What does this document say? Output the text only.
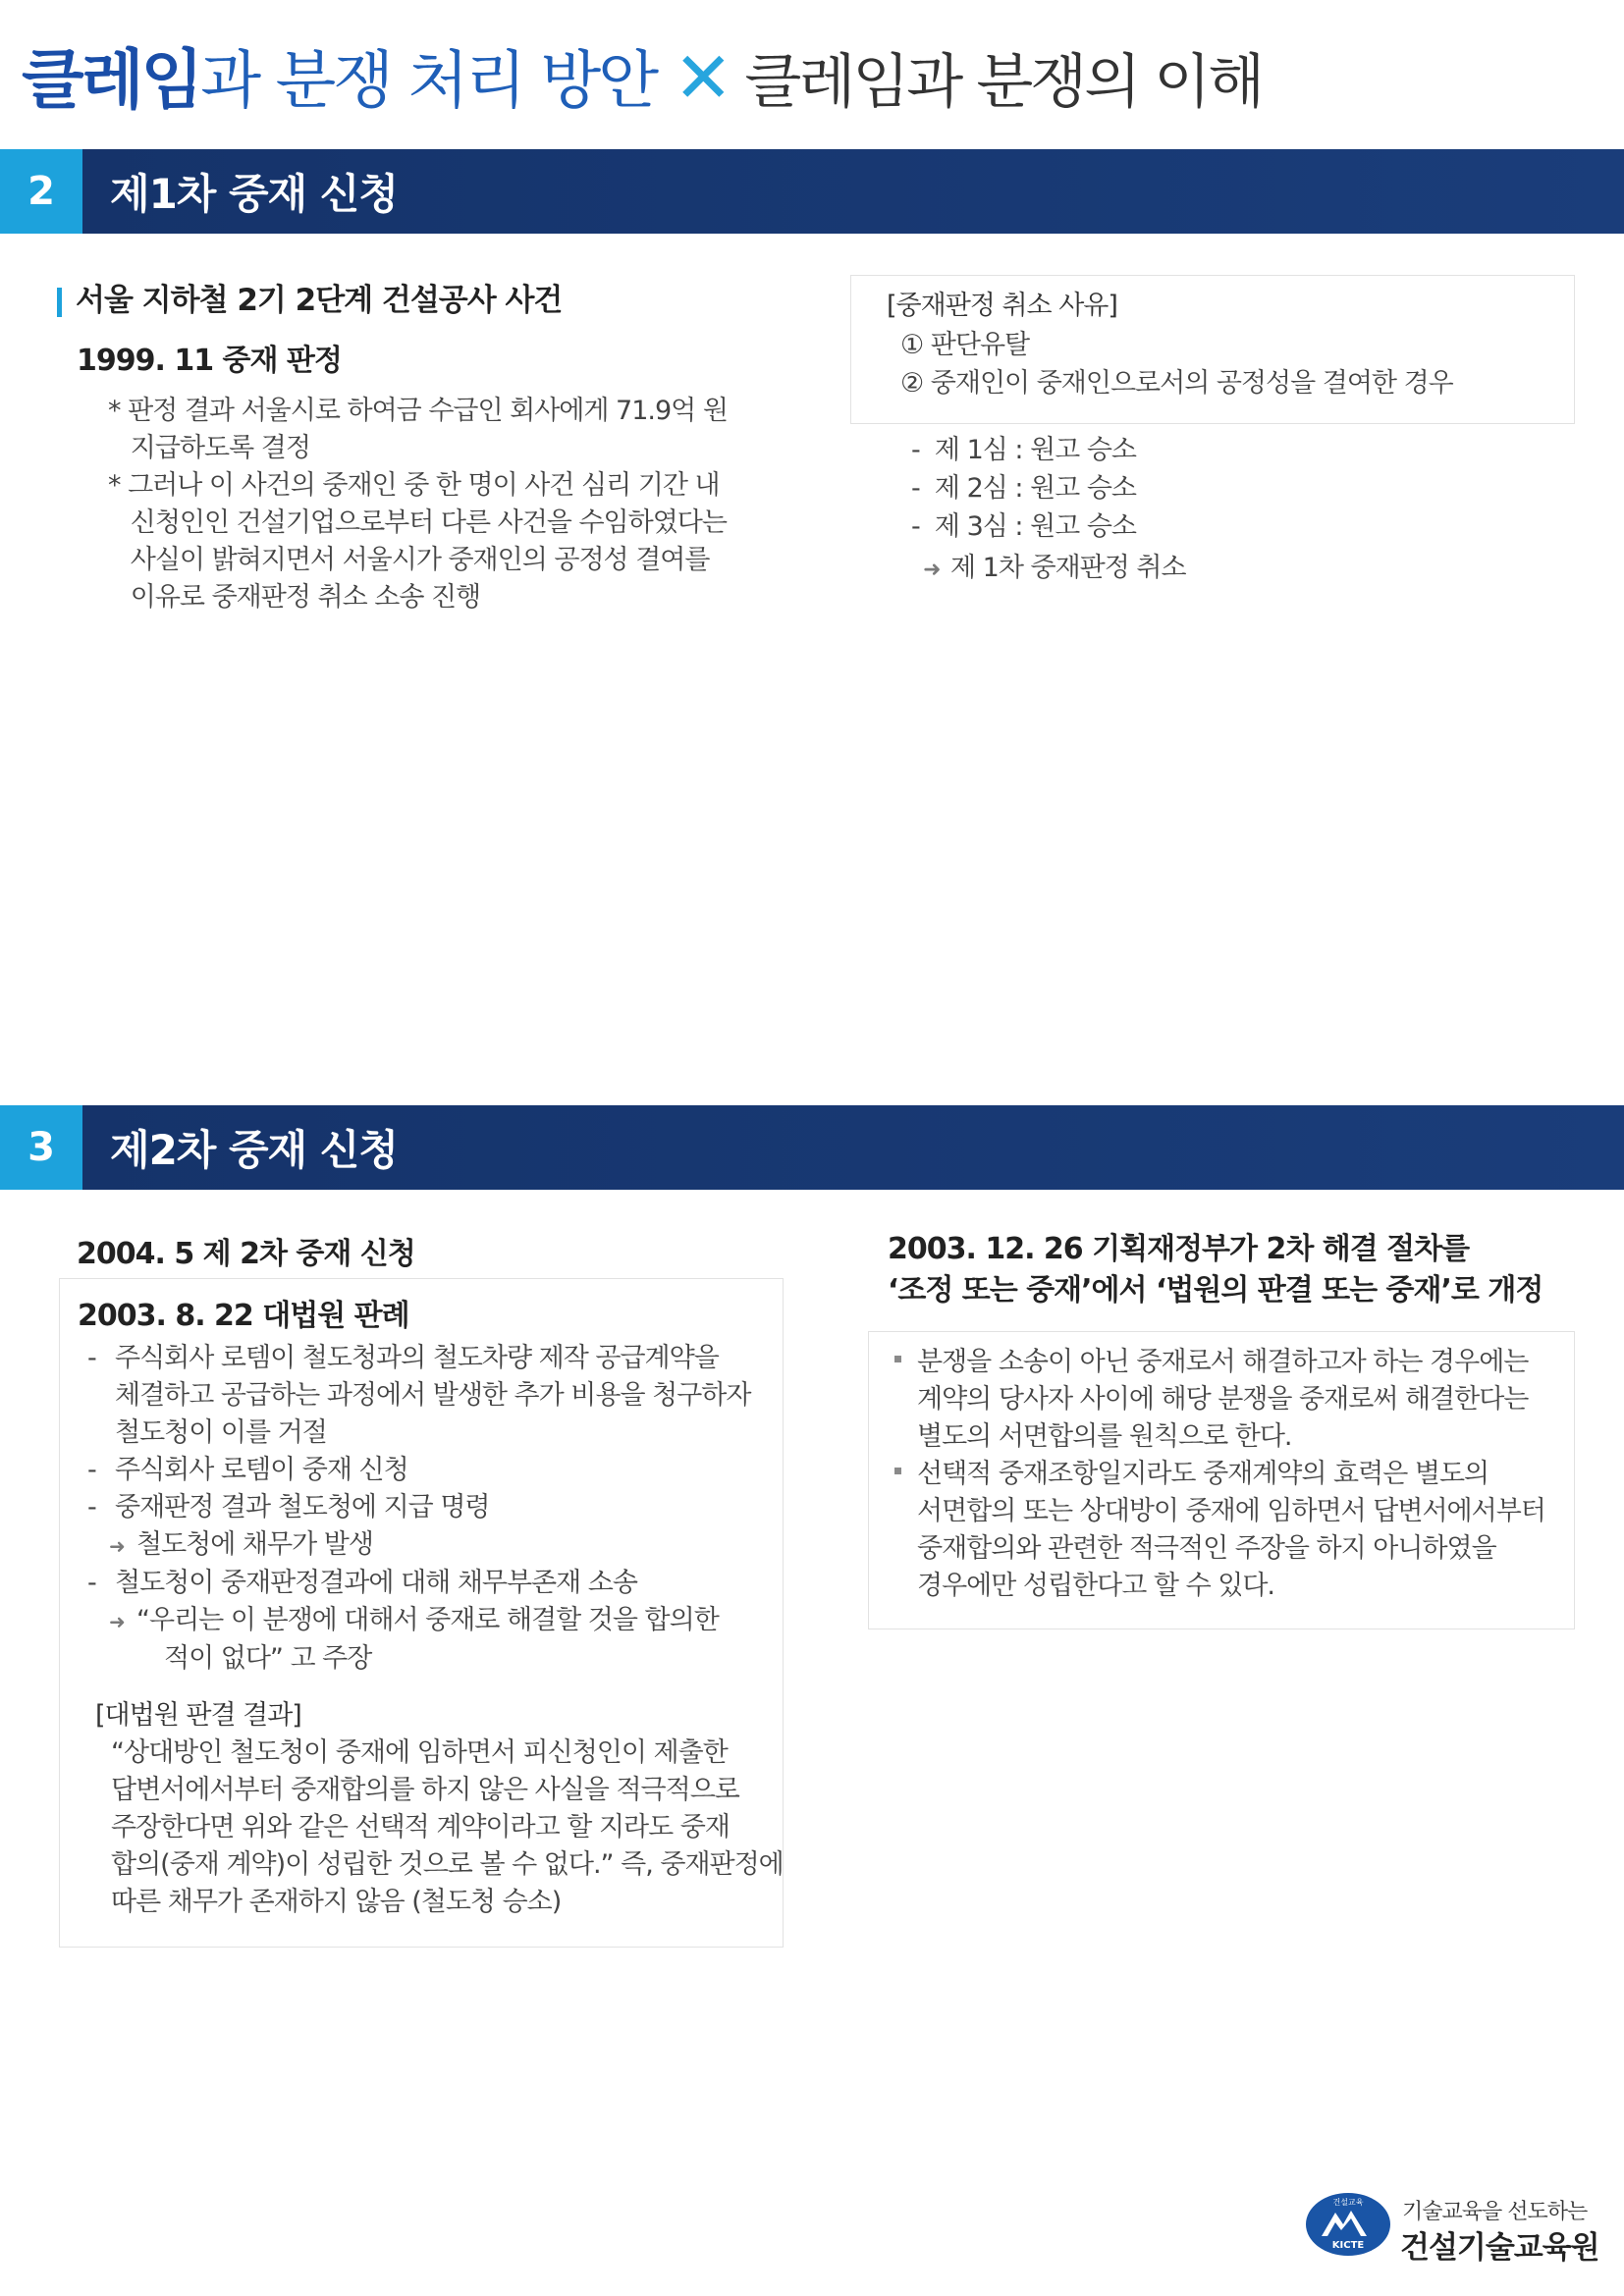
클레임과 분쟁 처리 방안 ✕ 클레임과 분쟁의 이해
2	제1차 중재 신청
서울 지하철 2기 2단계 건설공사 사건
1999. 11 중재 판정
* 판정 결과 서울시로 하여금 수급인 회사에게 71.9억 원
지급하도록 결정
* 그러나 이 사건의 중재인 중 한 명이 사건 심리 기간 내
신청인인 건설기업으로부터 다른 사건을 수임하였다는
사실이 밝혀지면서 서울시가 중재인의 공정성 결여를
이유로 중재판정 취소 소송 진행
[중재판정 취소 사유]
① 판단유탈
② 중재인이 중재인으로서의 공정성을 결여한 경우
-  제 1심 : 원고 승소
-  제 2심 : 원고 승소
-  제 3심 : 원고 승소
➜ 제 1차 중재판정 취소
3	제2차 중재 신청
2004. 5 제 2차 중재 신청
2003. 8. 22 대법원 판례
- 주식회사 로템이 철도청과의 철도차량 제작 공급계약을
체결하고 공급하는 과정에서 발생한 추가 비용을 청구하자
철도청이 이를 거절
- 주식회사 로템이 중재 신청
- 중재판정 결과 철도청에 지급 명령
➜ 철도청에 채무가 발생
- 철도청이 중재판정결과에 대해 채무부존재 소송
➜ “우리는 이 분쟁에 대해서 중재로 해결할 것을 합의한
적이 없다” 고 주장
[대법원 판결 결과]
“상대방인 철도청이 중재에 임하면서 피신청인이 제출한
답변서에서부터 중재합의를 하지 않은 사실을 적극적으로
주장한다면 위와 같은 선택적 계약이라고 할 지라도 중재
합의(중재 계약)이 성립한 것으로 볼 수 없다.” 즉, 중재판정에
따른 채무가 존재하지 않음 (철도청 승소)
2003. 12. 26 기획재정부가 2차 해결 절차를
‘조정 또는 중재’에서 ‘법원의 판결 또는 중재’로 개정
분쟁을 소송이 아닌 중재로서 해결하고자 하는 경우에는
계약의 당사자 사이에 해당 분쟁을 중재로써 해결한다는
별도의 서면합의를 원칙으로 한다.
선택적 중재조항일지라도 중재계약의 효력은 별도의
서면합의 또는 상대방이 중재에 임하면서 답변서에서부터
중재합의와 관련한 적극적인 주장을 하지 아니하였을
경우에만 성립한다고 할 수 있다.
건설교육
KICTE
기술교육을 선도하는
건설기술교육원
